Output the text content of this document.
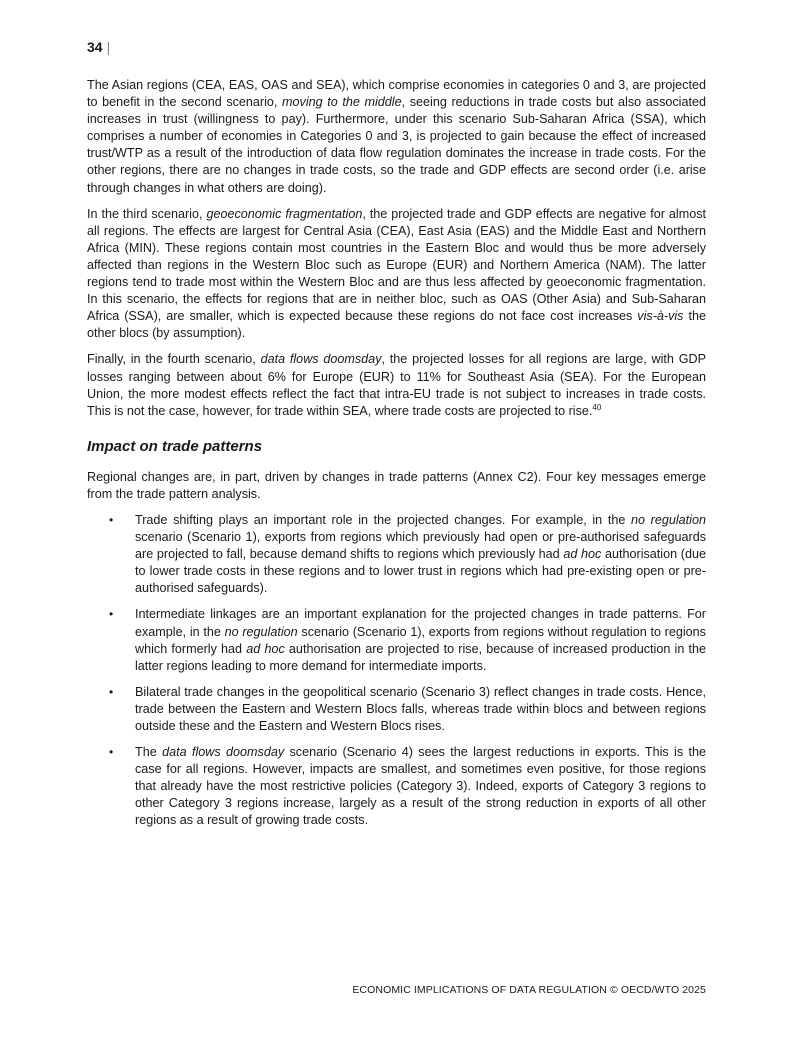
34 |

The Asian regions (CEA, EAS, OAS and SEA), which comprise economies in categories 0 and 3, are projected to benefit in the second scenario, moving to the middle, seeing reductions in trade costs but also associated increases in trust (willingness to pay). Furthermore, under this scenario Sub-Saharan Africa (SSA), which comprises a number of economies in Categories 0 and 3, is projected to gain because the effect of increased trust/WTP as a result of the introduction of data flow regulation dominates the increase in trade costs. For the other regions, there are no changes in trade costs, so the trade and GDP effects are second order (i.e. arise through changes in what others are doing).

In the third scenario, geoeconomic fragmentation, the projected trade and GDP effects are negative for almost all regions. The effects are largest for Central Asia (CEA), East Asia (EAS) and the Middle East and Northern Africa (MIN). These regions contain most countries in the Eastern Bloc and would thus be more adversely affected than regions in the Western Bloc such as Europe (EUR) and Northern America (NAM). The latter regions tend to trade most within the Western Bloc and are thus less affected by geoeconomic fragmentation. In this scenario, the effects for regions that are in neither bloc, such as OAS (Other Asia) and Sub-Saharan Africa (SSA), are smaller, which is expected because these regions do not face cost increases vis-à-vis the other blocs (by assumption).

Finally, in the fourth scenario, data flows doomsday, the projected losses for all regions are large, with GDP losses ranging between about 6% for Europe (EUR) to 11% for Southeast Asia (SEA). For the European Union, the more modest effects reflect the fact that intra-EU trade is not subject to increases in trade costs. This is not the case, however, for trade within SEA, where trade costs are projected to rise.$^{40}$

Impact on trade patterns

Regional changes are, in part, driven by changes in trade patterns (Annex C2). Four key messages emerge from the trade pattern analysis.

• Trade shifting plays an important role in the projected changes. For example, in the no regulation scenario (Scenario 1), exports from regions which previously had open or pre-authorised safeguards are projected to fall, because demand shifts to regions which previously had ad hoc authorisation (due to lower trade costs in these regions and to lower trust in regions which had pre-existing open or pre-authorised safeguards).
• Intermediate linkages are an important explanation for the projected changes in trade patterns. For example, in the no regulation scenario (Scenario 1), exports from regions without regulation to regions which formerly had ad hoc authorisation are projected to rise, because of increased production in the latter regions leading to more demand for intermediate imports.
• Bilateral trade changes in the geopolitical scenario (Scenario 3) reflect changes in trade costs. Hence, trade between the Eastern and Western Blocs falls, whereas trade within blocs and between regions outside these and the Eastern and Western Blocs rises.
• The data flows doomsday scenario (Scenario 4) sees the largest reductions in exports. This is the case for all regions. However, impacts are smallest, and sometimes even positive, for those regions that already have the most restrictive policies (Category 3). Indeed, exports of Category 3 regions to other Category 3 regions increase, largely as a result of the strong reduction in exports of all other regions as a result of growing trade costs.
ECONOMIC IMPLICATIONS OF DATA REGULATION © OECD/WTO 2025
